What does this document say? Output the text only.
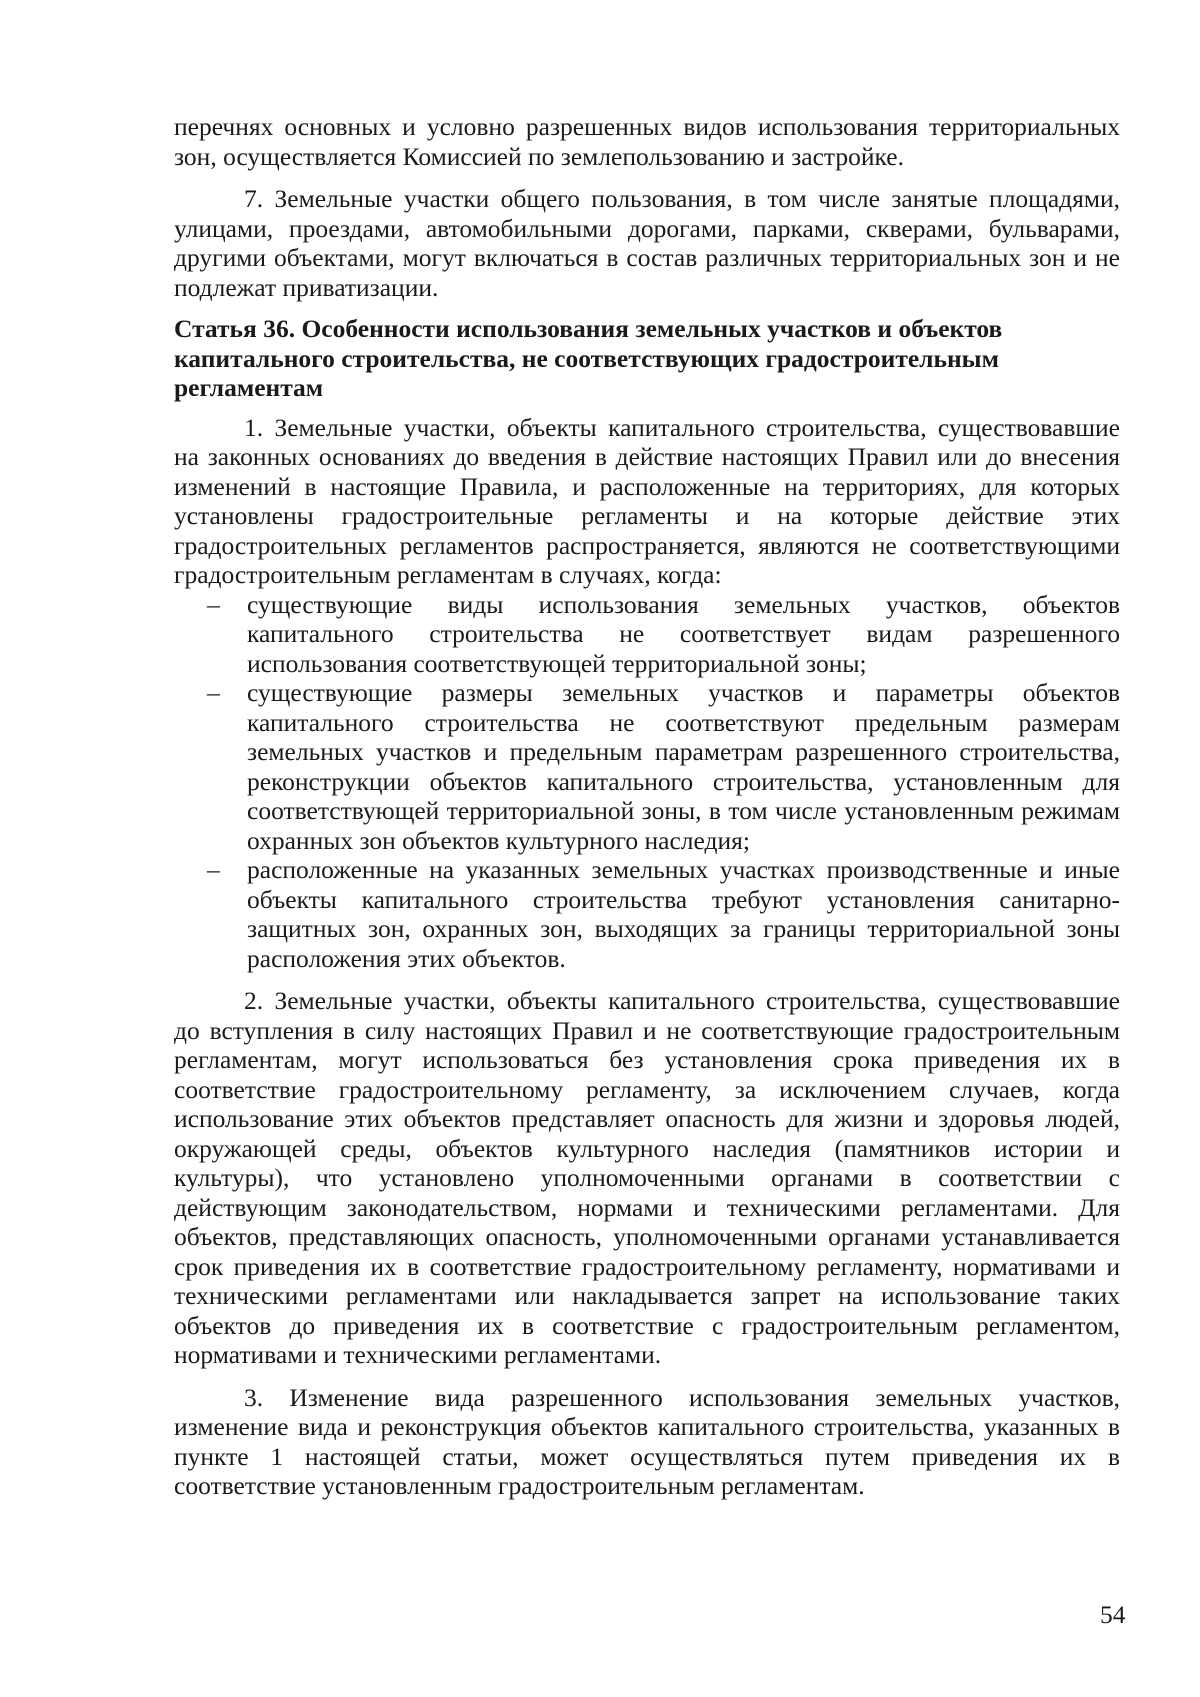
перечнях основных и условно разрешенных видов использования территориальных зон, осуществляется Комиссией по землепользованию и застройке.

7. Земельные участки общего пользования, в том числе занятые площадями, улицами, проездами, автомобильными дорогами, парками, скверами, бульварами, другими объектами, могут включаться в состав различных территориальных зон и не подлежат приватизации.

Статья 36. Особенности использования земельных участков и объектов капитального строительства, не соответствующих градостроительным регламентам

1. Земельные участки, объекты капитального строительства, существовавшие на законных основаниях до введения в действие настоящих Правил или до внесения изменений в настоящие Правила, и расположенные на территориях, для которых установлены градостроительные регламенты и на которые действие этих градостроительных регламентов распространяется, являются не соответствующими градостроительным регламентам в случаях, когда:

– существующие виды использования земельных участков, объектов капитального строительства не соответствует видам разрешенного использования соответствующей территориальной зоны;
– существующие размеры земельных участков и параметры объектов капитального строительства не соответствуют предельным размерам земельных участков и предельным параметрам разрешенного строительства, реконструкции объектов капитального строительства, установленным для соответствующей территориальной зоны, в том числе установленным режимам охранных зон объектов культурного наследия;
– расположенные на указанных земельных участках производственные и иные объекты капитального строительства требуют установления санитарно-защитных зон, охранных зон, выходящих за границы территориальной зоны расположения этих объектов.

2. Земельные участки, объекты капитального строительства, существовавшие до вступления в силу настоящих Правил и не соответствующие градостроительным регламентам, могут использоваться без установления срока приведения их в соответствие градостроительному регламенту, за исключением случаев, когда использование этих объектов представляет опасность для жизни и здоровья людей, окружающей среды, объектов культурного наследия (памятников истории и культуры), что установлено уполномоченными органами в соответствии с действующим законодательством, нормами и техническими регламентами. Для объектов, представляющих опасность, уполномоченными органами устанавливается срок приведения их в соответствие градостроительному регламенту, нормативами и техническими регламентами или накладывается запрет на использование таких объектов до приведения их в соответствие с градостроительным регламентом, нормативами и техническими регламентами.

3. Изменение вида разрешенного использования земельных участков, изменение вида и реконструкция объектов капитального строительства, указанных в пункте 1 настоящей статьи, может осуществляться путем приведения их в соответствие установленным градостроительным регламентам.

54
